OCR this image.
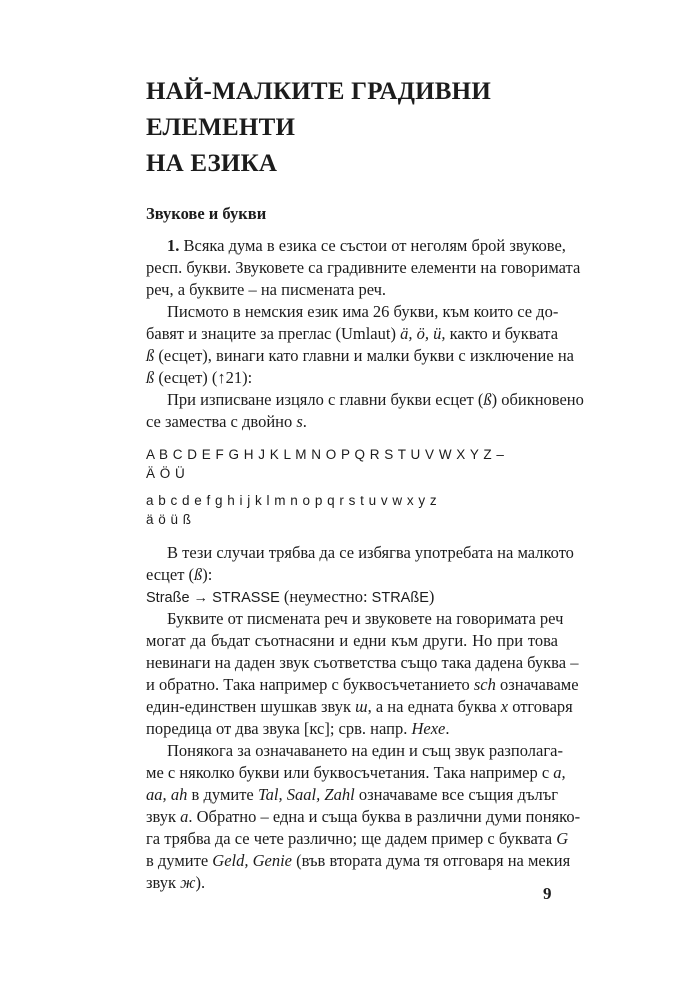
НАЙ-МАЛКИТЕ ГРАДИВНИ ЕЛЕМЕНТИ
НА ЕЗИКА
Звукове и букви
1. Всяка дума в езика се състои от неголям брой звукове,
респ. букви. Звуковете са градивните елементи на говоримата
реч, а буквите – на писмената реч.
Писмото в немския език има 26 букви, към които се до-
бавят и знаците за преглас (Umlaut) ä, ö, ü, както и буквата
ß (есцет), винаги като главни и малки букви с изключение на
ß (есцет) (↑21):
При изписване изцяло с главни букви есцет (ß) обикновено
се замества с двойно s.
A B C D E F G H J K L M N O P Q R S T U V W X Y Z –
Ä Ö Ü
a b c d e f g h i j k l m n o p q r s t u v w x y z
ä ö ü ß
В тези случаи трябва да се избягва употребата на малкото
есцет (ß):
Straße → STRASSE (неуместно: STRAßE)
Буквите от писмената реч и звуковете на говоримата реч
могат да бъдат съотнасяни и едни към други. Но при това
невинаги на даден звук съответства също така дадена буква –
и обратно. Така например с буквосъчетанието sch означаваме
един-единствен шушкав звук ш, а на едната буква x отговаря
поредица от два звука [кс]; срв. напр. Hexe.
Понякога за означаването на един и същ звук разполага-
ме с няколко букви или буквосъчетания. Така например с a,
aa, ah в думите Tal, Saal, Zahl означаваме все същия дълъг
звук a. Обратно – една и съща буква в различни думи поняко-
га трябва да се чете различно; ще дадем пример с буквата G
в думите Geld, Genie (във втората дума тя отговаря на мекия
звук ж).
9
